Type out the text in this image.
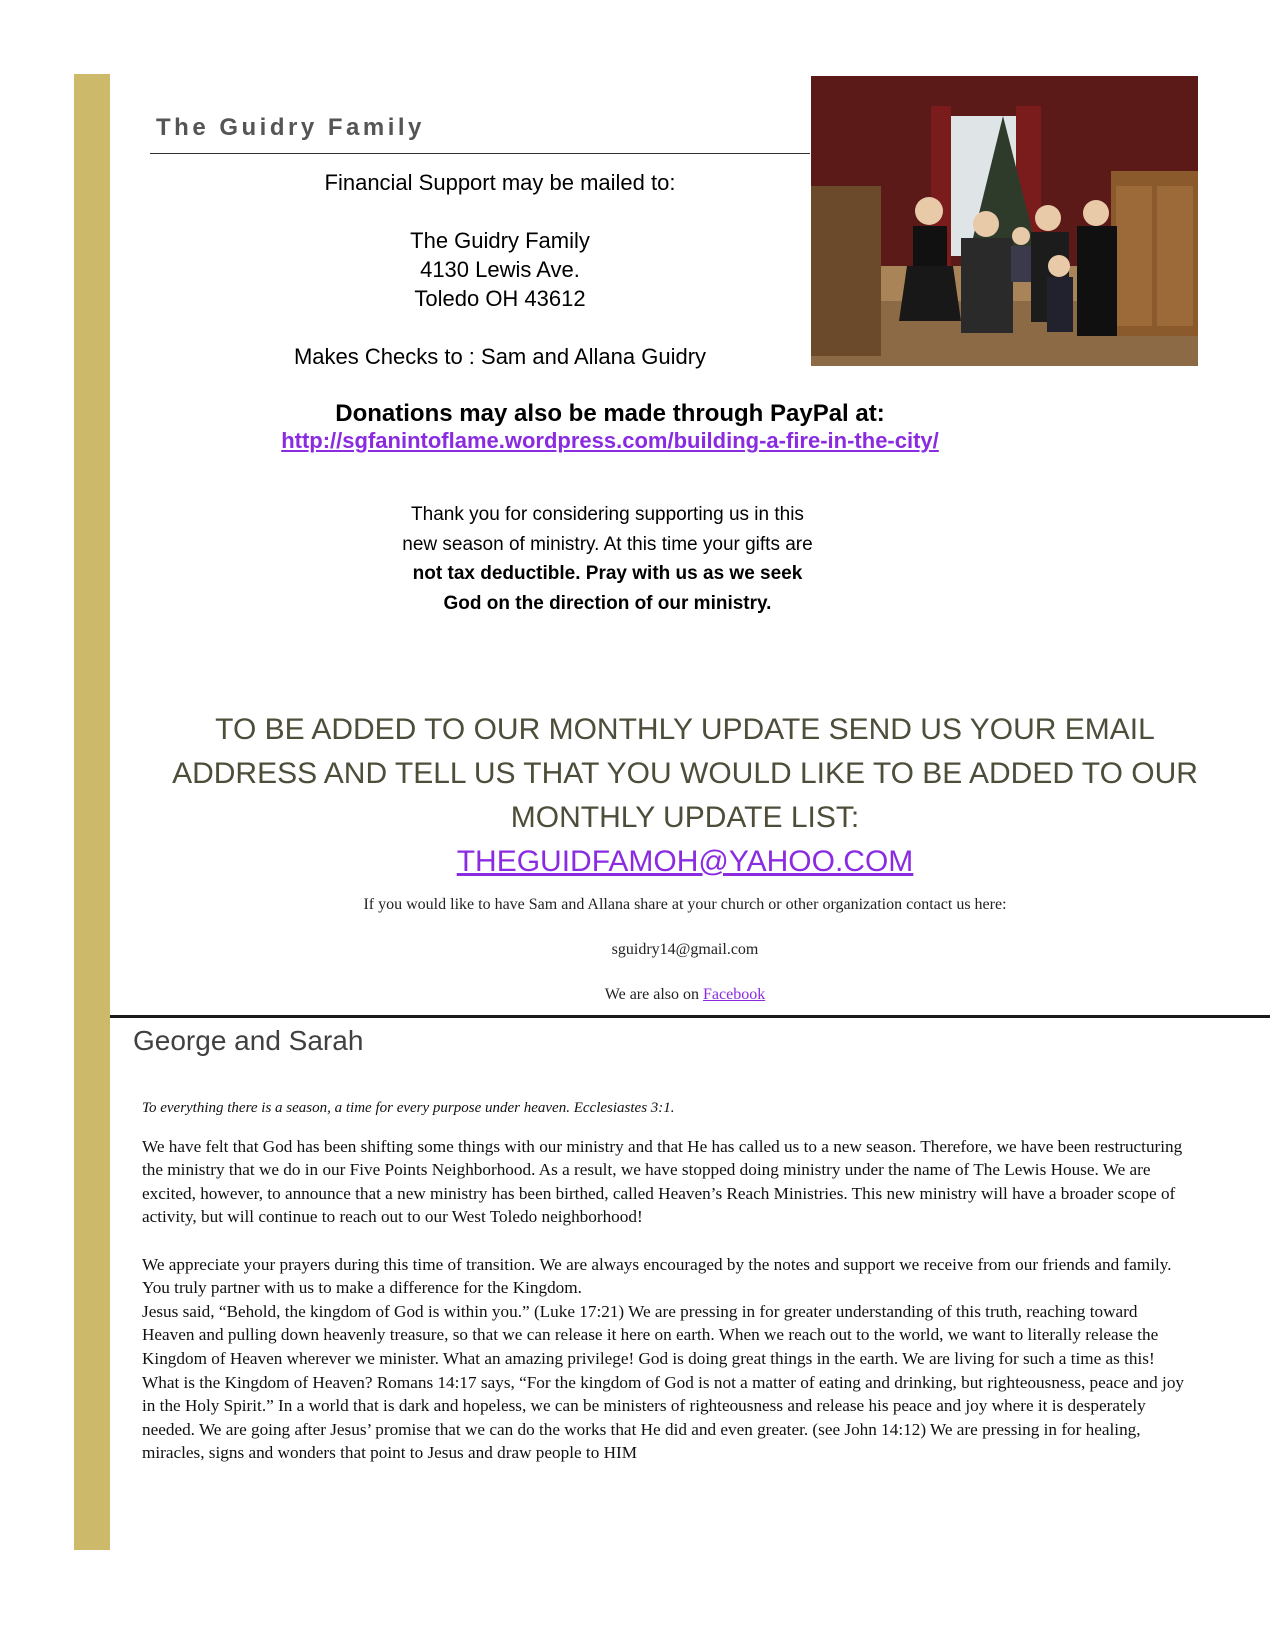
The Guidry Family

Financial Support may be mailed to:

The Guidry Family

4130 Lewis Ave.

Toledo OH 43612

Makes Checks to : Sam and Allana Guidry

Donations may also be made through PayPal at:
http://sgfanintoflame.wordpress.com/building-a-fire-in-the-city/
Thank you for considering supporting us in this new season of ministry. At this time your gifts are not tax deductible. Pray with us as we seek God on the direction of our ministry.
TO BE ADDED TO OUR MONTHLY UPDATE SEND US YOUR EMAIL ADDRESS AND TELL US THAT YOU WOULD LIKE TO BE ADDED TO OUR MONTHLY UPDATE LIST:
THEGUIDFAMOH@YAHOO.COM
If you would like to have Sam and Allana share at your church or other organization contact us here:
sguidry14@gmail.com
We are also on Facebook
George and Sarah

To everything there is a season, a time for every purpose under heaven. Ecclesiastes 3:1.

We have felt that God has been shifting some things with our ministry and that He has called us to a new season. Therefore, we have been restructuring the ministry that we do in our Five Points Neighborhood. As a result, we have stopped doing ministry under the name of The Lewis House. We are excited, however, to announce that a new ministry has been birthed, called Heaven’s Reach Ministries. This new ministry will have a broader scope of activity, but will continue to reach out to our West Toledo neighborhood!

We appreciate your prayers during this time of transition. We are always encouraged by the notes and support we receive from our friends and family. You truly partner with us to make a difference for the Kingdom.

Jesus said, “Behold, the kingdom of God is within you.” (Luke 17:21) We are pressing in for greater understanding of this truth, reaching toward Heaven and pulling down heavenly treasure, so that we can release it here on earth. When we reach out to the world, we want to literally release the Kingdom of Heaven wherever we minister. What an amazing privilege! God is doing great things in the earth. We are living for such a time as this! What is the Kingdom of Heaven? Romans 14:17 says, “For the kingdom of God is not a matter of eating and drinking, but righteousness, peace and joy in the Holy Spirit.” In a world that is dark and hopeless, we can be ministers of righteousness and release his peace and joy where it is desperately needed. We are going after Jesus’ promise that we can do the works that He did and even greater. (see John 14:12) We are pressing in for healing, miracles, signs and wonders that point to Jesus and draw people to HIM
